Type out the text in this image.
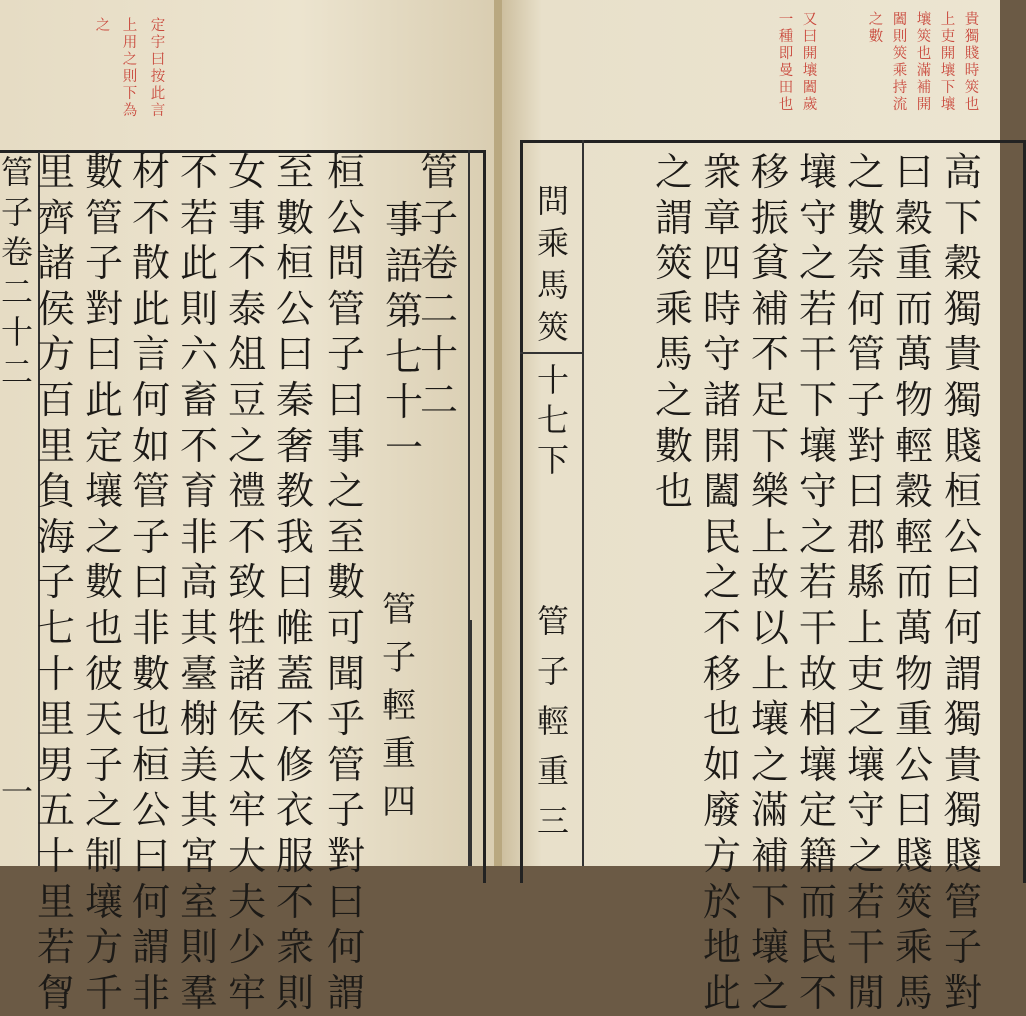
定
宇
曰
按
此
言
上
用
之
則
下
為
之
管
子
卷
二
十
二
一
管
子
卷
二
十
二
事
語
第
七
十
一
管
子
輕
重
四
桓
公
問
管
子
曰
事
之
至
數
可
聞
乎
管
子
對
曰
何
謂
至
數
桓
公
曰
秦
奢
教
我
曰
帷
蓋
不
修
衣
服
不
衆
則
女
事
不
泰
俎
豆
之
禮
不
致
牲
諸
侯
太
牢
大
夫
少
牢
不
若
此
則
六
畜
不
育
非
高
其
臺
榭
美
其
宮
室
則
羣
材
不
散
此
言
何
如
管
子
曰
非
數
也
桓
公
曰
何
謂
非
數
管
子
對
曰
此
定
壤
之
數
也
彼
天
子
之
制
壤
方
千
里
齊
諸
侯
方
百
里
負
海
子
七
十
里
男
五
十
里
若
胷
貴
獨
賤
時
筴
也
上
吏
開
壤
下
壤
壤
筴
也
滿
補
開
闔
則
筴
乘
持
流
之
數
又
曰
開
壤
闔
歲
一
種
即
曼
田
也
高
下
穀
獨
貴
獨
賤
桓
公
曰
何
謂
獨
貴
獨
賤
管
子
對
曰
穀
重
而
萬
物
輕
穀
輕
而
萬
物
重
公
曰
賤
筴
乘
馬
之
數
奈
何
管
子
對
曰
郡
縣
上
吏
之
壤
守
之
若
干
閒
壤
守
之
若
干
下
壤
守
之
若
干
故
相
壤
定
籍
而
民
不
移
振
貧
補
不
足
下
樂
上
故
以
上
壤
之
滿
補
下
壤
之
衆
章
四
時
守
諸
開
闔
民
之
不
移
也
如
廢
方
於
地
此
之
謂
筴
乘
馬
之
數
也
問
乘
馬
筴
十
七
下
管
子
輕
重
三
